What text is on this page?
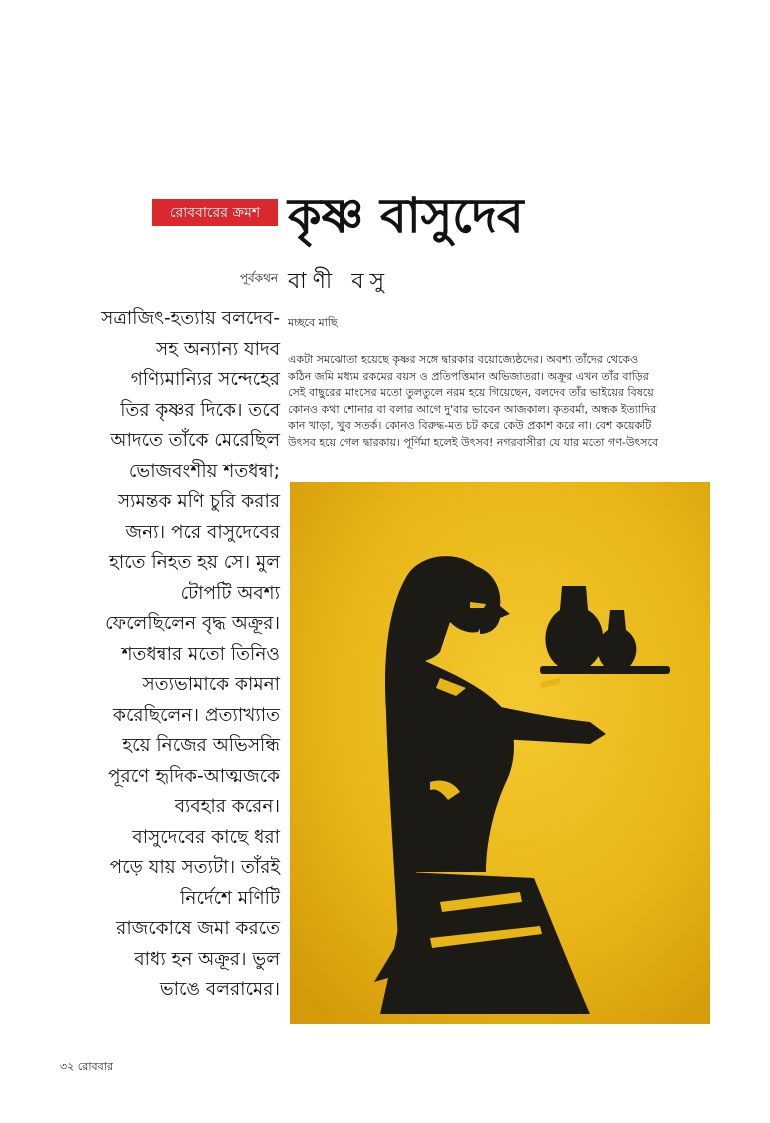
রোববারের ক্রমশ কৃষ্ণ বাসুদেব
পূর্বকথন বাণী বসু
মচ্ছবে মাছি
সত্রাজিৎ-হত্যায় বলদেব-
সহ অন্যান্য যাদব
গণ্যিমান্যির সন্দেহের
তির কৃষ্ণর দিকে। তবে
আদতে তাঁকে মেরেছিল
ভোজবংশীয় শতধন্বা;
স্যমন্তক মণি চুরি করার
জন্য। পরে বাসুদেবের
হাতে নিহত হয় সে। মুল
টোপটি অবশ্য
ফেলেছিলেন বৃদ্ধ অক্রূর।
শতধন্বার মতো তিনিও
সত্যভামাকে কামনা
করেছিলেন। প্রত্যাখ্যাত
হয়ে নিজের অভিসন্ধি
পূরণে হৃদিক-আত্মজকে
ব্যবহার করেন।
বাসুদেবের কাছে ধরা
পড়ে যায় সত্যটা। তাঁরই
নির্দেশে মণিটি
রাজকোষে জমা করতে
বাধ্য হন অক্রূর। ভুল
ভাঙে বলরামের।
একটা সমঝোতা হয়েছে কৃষ্ণর সঙ্গে দ্বারকার বয়োজ্যেষ্ঠদের। অবশ্য তাঁদের থেকেও
কঠিন জমি মধ্যম রকমের বয়স ও প্রতিপত্তিমান অভিজাতরা। অক্রূর এখন তাঁর বাড়ির
সেই বাছুরের মাংসের মতো তুলতুলে নরম হয়ে গিয়েছেন, বলদেব তাঁর ভাইয়ের বিষয়ে
কোনও কথা শোনার বা বলার আগে দু'বার ভাবেন আজকাল। কৃতবর্মা, অন্ধক ইত্যাদির
কান খাড়া, খুব সতর্ক। কোনও বিরুদ্ধ-মত চট করে কেউ প্রকাশ করে না। বেশ কয়েকটি
উৎসব হয়ে গেল দ্বারকায়। পূর্ণিমা হলেই উৎসব! নগরবাসীরা যে যার মতো গণ-উৎসবে
৩২ রোববার
